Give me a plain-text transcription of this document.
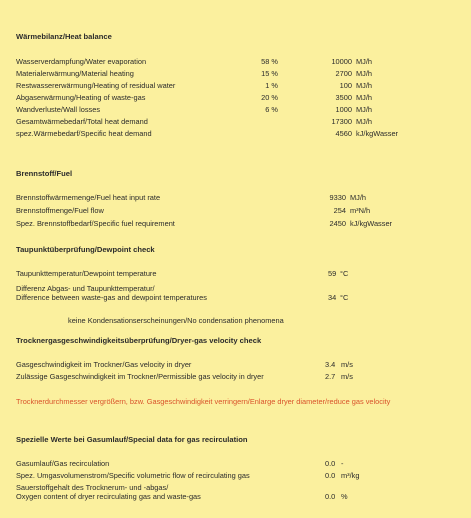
Wärmebilanz/Heat balance
Wasserverdampfung/Water evaporation	58 %	10000 MJ/h
Materialerwärmung/Material heating	15 %	2700 MJ/h
Restwassererwärmung/Heating of residual water	1 %	100 MJ/h
Abgaserwärmung/Heating of waste-gas	20 %	3500 MJ/h
Wandverluste/Wall losses	6 %	1000 MJ/h
Gesamtwärmebedarf/Total heat demand	17300 MJ/h
spez.Wärmebedarf/Specific heat demand	4560 kJ/kgWasser
Brennstoff/Fuel
Brennstoffwärmemenge/Fuel heat input rate	9330 MJ/h
Brennstoffmenge/Fuel flow	254 m³N/h
Spez. Brennstoffbedarf/Specific fuel requirement	2450 kJ/kgWasser
Taupunktüberprüfung/Dewpoint check
Taupunkttemperatur/Dewpoint temperature	59 °C
Differenz Abgas- und Taupunkttemperatur/
Difference between waste-gas and dewpoint temperatures	34 °C
keine Kondensationserscheinungen/No condensation phenomena
Trocknergasgeschwindigkeitsüberprüfung/Dryer-gas velocity check
Gasgeschwindigkeit im Trockner/Gas velocity in dryer	3.4 m/s
Zulässige Gasgeschwindigkeit im Trockner/Permissible gas velocity in dryer	2.7 m/s
Trocknerdurchmesser vergrößern, bzw. Gasgeschwindigkeit verringern/Enlarge dryer diameter/reduce gas velocity
Spezielle Werte bei Gasumlauf/Special data for gas recirculation
Gasumlauf/Gas recirculation	0.0 -
Spez. Umgasvolumenstrom/Specific volumetric flow of recirculating gas	0.0 m³/kg
Sauerstoffgehalt des Trocknerum- und -abgas/
Oxygen content of dryer recirculating gas and waste-gas	0.0 %
